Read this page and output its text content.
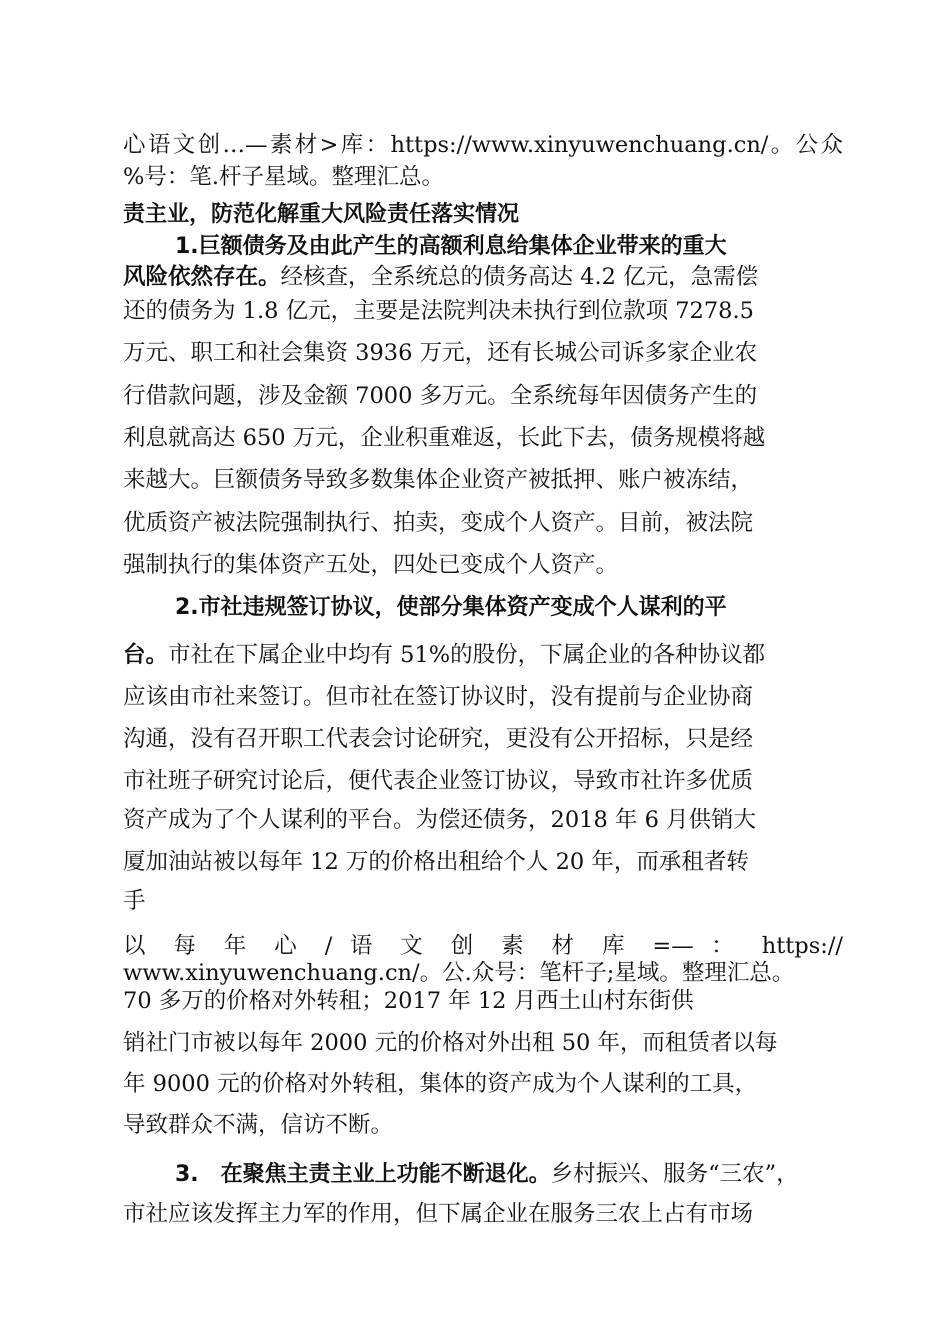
心语文创…—素材>库：https://www.xinyuwenchuang.cn/。公众
%号：笔.杆子星域。整理汇总。
责主业，防范化解重大风险责任落实情况
1.巨额债务及由此产生的高额利息给集体企业带来的重大
风险依然存在。经核查，全系统总的债务高达 4.2 亿元，急需偿
还的债务为 1.8 亿元，主要是法院判决未执行到位款项 7278.5
万元、职工和社会集资 3936 万元，还有长城公司诉多家企业农
行借款问题，涉及金额 7000 多万元。全系统每年因债务产生的
利息就高达 650 万元，企业积重难返，长此下去，债务规模将越
来越大。巨额债务导致多数集体企业资产被抵押、账户被冻结，
优质资产被法院强制执行、拍卖，变成个人资产。目前，被法院
强制执行的集体资产五处，四处已变成个人资产。
2.市社违规签订协议，使部分集体资产变成个人谋利的平
台。市社在下属企业中均有 51%的股份，下属企业的各种协议都
应该由市社来签订。但市社在签订协议时，没有提前与企业协商
沟通，没有召开职工代表会讨论研究，更没有公开招标，只是经
市社班子研究讨论后，便代表企业签订协议，导致市社许多优质
资产成为了个人谋利的平台。为偿还债务，2018 年 6 月供销大
厦加油站被以每年 12 万的价格出租给个人 20 年，而承租者转
手
以 每 年 心 / 语 文 创 素 材 库 =— ： https://
www.xinyuwenchuang.cn/。公.众号：笔杆子;星域。整理汇总。
70 多万的价格对外转租；2017 年 12 月西土山村东街供
销社门市被以每年 2000 元的价格对外出租 50 年，而租赁者以每
年 9000 元的价格对外转租，集体的资产成为个人谋利的工具，
导致群众不满，信访不断。
3.　在聚焦主责主业上功能不断退化。乡村振兴、服务“三农”，
市社应该发挥主力军的作用，但下属企业在服务三农上占有市场
